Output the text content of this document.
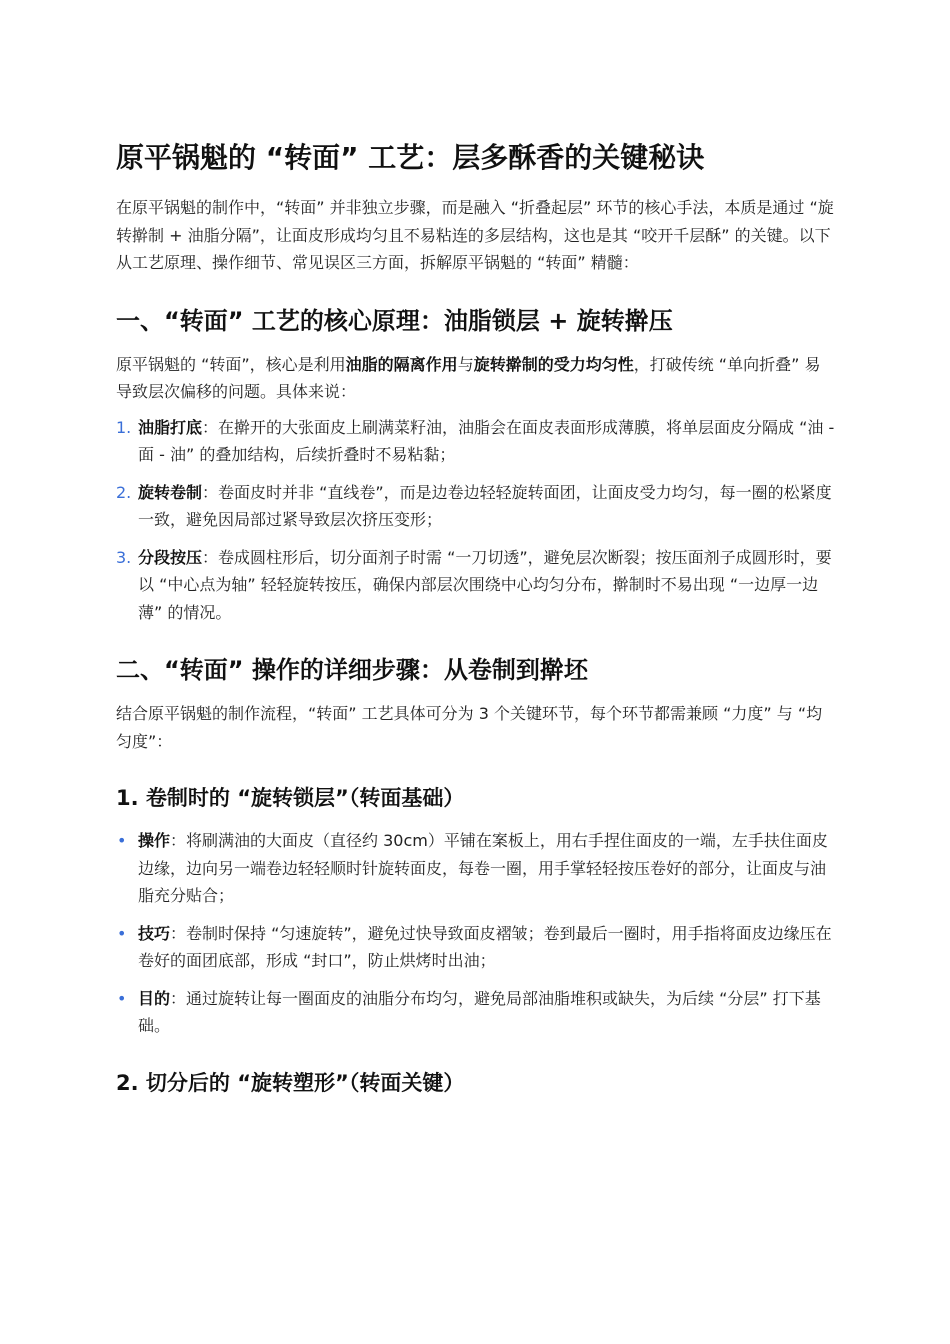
原平锅魁的 “转面” 工艺：层多酥香的关键秘诀

在原平锅魁的制作中，“转面” 并非独立步骤，而是融入 “折叠起层” 环节的核心手法，本质是通过 “旋转擀制 + 油脂分隔”，让面皮形成均匀且不易粘连的多层结构，这也是其 “咬开千层酥” 的关键。以下从工艺原理、操作细节、常见误区三方面，拆解原平锅魁的 “转面” 精髓：

一、“转面” 工艺的核心原理：油脂锁层 + 旋转擀压

原平锅魁的 “转面”，核心是利用油脂的隔离作用与旋转擀制的受力均匀性，打破传统 “单向折叠” 易导致层次偏移的问题。具体来说：

1. 油脂打底：在擀开的大张面皮上刷满菜籽油，油脂会在面皮表面形成薄膜，将单层面皮分隔成 “油 - 面 - 油” 的叠加结构，后续折叠时不易粘黏；
2. 旋转卷制：卷面皮时并非 “直线卷”，而是边卷边轻轻旋转面团，让面皮受力均匀，每一圈的松紧度一致，避免因局部过紧导致层次挤压变形；
3. 分段按压：卷成圆柱形后，切分面剂子时需 “一刀切透”，避免层次断裂；按压面剂子成圆形时，要以 “中心点为轴” 轻轻旋转按压，确保内部层次围绕中心均匀分布，擀制时不易出现 “一边厚一边薄” 的情况。
二、“转面” 操作的详细步骤：从卷制到擀坯

结合原平锅魁的制作流程，“转面” 工艺具体可分为 3 个关键环节，每个环节都需兼顾 “力度” 与 “均匀度”：

1. 卷制时的 “旋转锁层”（转面基础）
• 操作：将刷满油的大面皮（直径约 30cm）平铺在案板上，用右手捏住面皮的一端，左手扶住面皮边缘，边向另一端卷边轻轻顺时针旋转面皮，每卷一圈，用手掌轻轻按压卷好的部分，让面皮与油脂充分贴合；
• 技巧：卷制时保持 “匀速旋转”，避免过快导致面皮褶皱；卷到最后一圈时，用手指将面皮边缘压在卷好的面团底部，形成 “封口”，防止烘烤时出油；
• 目的：通过旋转让每一圈面皮的油脂分布均匀，避免局部油脂堆积或缺失，为后续 “分层” 打下基础。
2. 切分后的 “旋转塑形”（转面关键）
